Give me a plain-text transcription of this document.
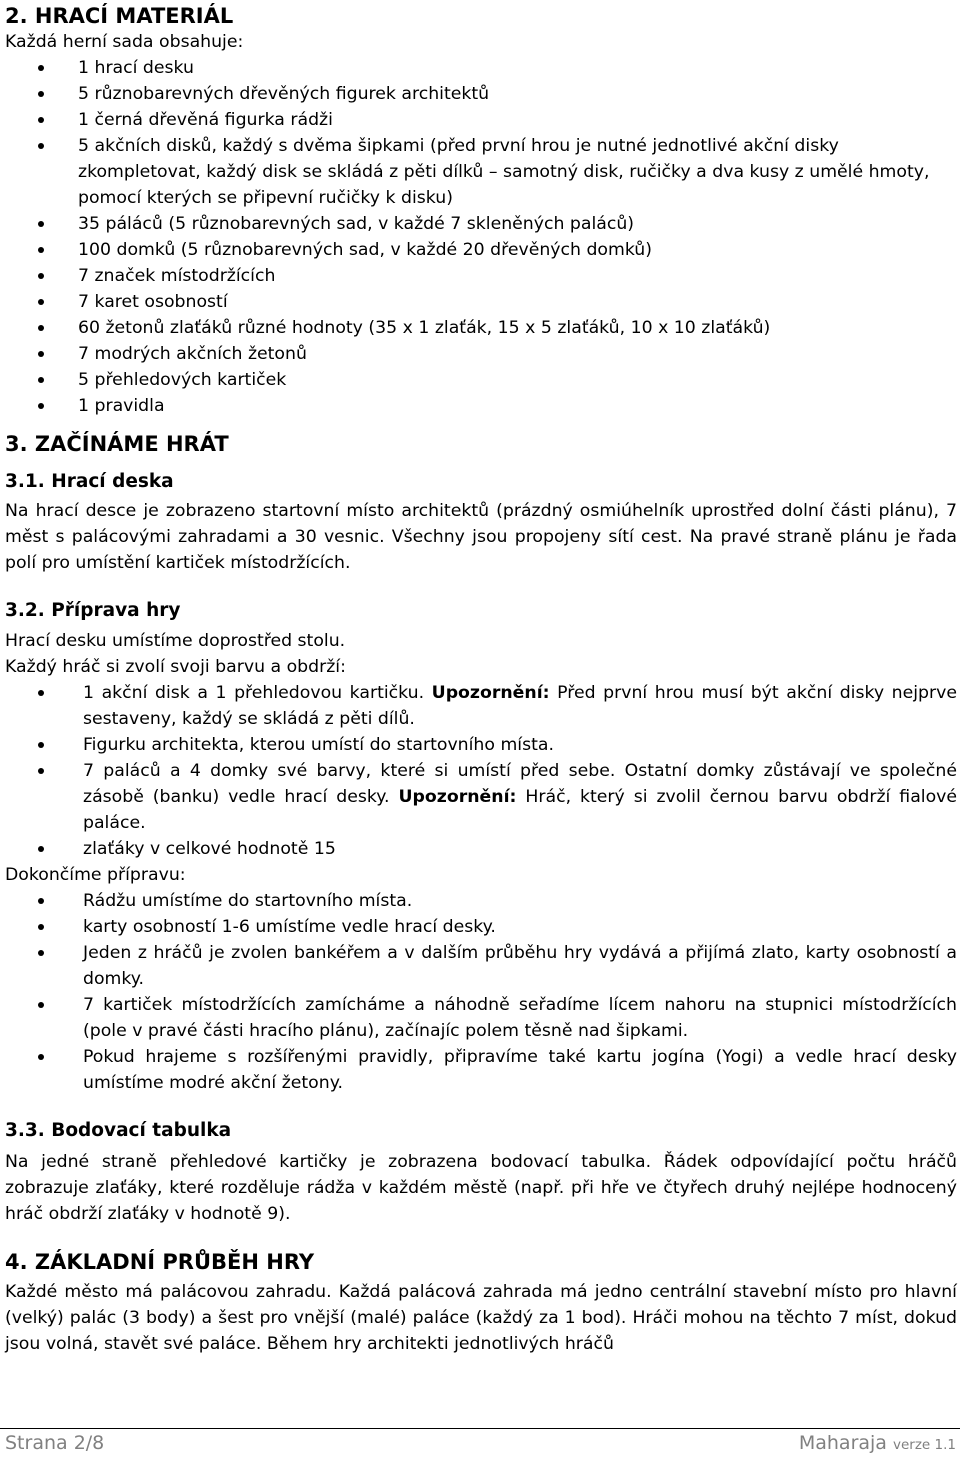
2. HRACÍ MATERIÁL

Každá herní sada obsahuje:

1 hrací desku
5 různobarevných dřevěných figurek architektů
1 černá dřevěná figurka rádži
5 akčních disků, každý s dvěma šipkami (před první hrou je nutné jednotlivé akční disky zkompletovat, každý disk se skládá z pěti dílků – samotný disk, ručičky a dva kusy z umělé hmoty, pomocí kterých se připevní ručičky k disku)
35 páláců (5 různobarevných sad, v každé 7 skleněných paláců)
100 domků (5 různobarevných sad, v každé 20 dřevěných domků)
7 značek místodržících
7 karet osobností
60 žetonů zlaťáků různé hodnoty (35 x 1 zlaťák, 15 x 5 zlaťáků, 10 x 10 zlaťáků)
7 modrých akčních žetonů
5 přehledových kartiček
1 pravidla
3. ZAČÍNÁME HRÁT
3.1. Hrací deska

Na hrací desce je zobrazeno startovní místo architektů (prázdný osmiúhelník uprostřed dolní části plánu), 7 měst s palácovými zahradami a 30 vesnic. Všechny jsou propojeny sítí cest. Na pravé straně plánu je řada polí pro umístění kartiček místodržících.

3.2. Příprava hry

Hrací desku umístíme doprostřed stolu.

Každý hráč si zvolí svoji barvu a obdrží:

1 akční disk a 1 přehledovou kartičku. Upozornění: Před první hrou musí být akční disky nejprve sestaveny, každý se skládá z pěti dílů.
Figurku architekta, kterou umístí do startovního místa.
7 paláců a 4 domky své barvy, které si umístí před sebe. Ostatní domky zůstávají ve společné zásobě (banku) vedle hrací desky. Upozornění: Hráč, který si zvolil černou barvu obdrží fialové paláce.
zlaťáky v celkové hodnotě 15

Dokončíme přípravu:

Rádžu umístíme do startovního místa.
karty osobností 1-6 umístíme vedle hrací desky.
Jeden z hráčů je zvolen bankéřem a v dalším průběhu hry vydává a přijímá zlato, karty osobností a domky.
7 kartiček místodržících zamícháme a náhodně seřadíme lícem nahoru na stupnici místodržících (pole v pravé části hracího plánu), začínajíc polem těsně nad šipkami.
Pokud hrajeme s rozšířenými pravidly, připravíme také kartu jogína (Yogi) a vedle hrací desky umístíme modré akční žetony.
3.3. Bodovací tabulka

Na jedné straně přehledové kartičky je zobrazena bodovací tabulka. Řádek odpovídající počtu hráčů zobrazuje zlaťáky, které rozděluje rádža v každém městě (např. při hře ve čtyřech druhý nejlépe hodnocený hráč obdrží zlaťáky v hodnotě 9).

4. ZÁKLADNÍ PRŮBĚH HRY

Každé město má palácovou zahradu. Každá palácová zahrada má jedno centrální stavební místo pro hlavní (velký) palác (3 body) a šest pro vnější (malé) paláce (každý za 1 bod). Hráči mohou na těchto 7 míst, dokud jsou volná, stavět své paláce. Během hry architekti jednotlivých hráčů

Strana 2/8	Maharaja verze 1.1
